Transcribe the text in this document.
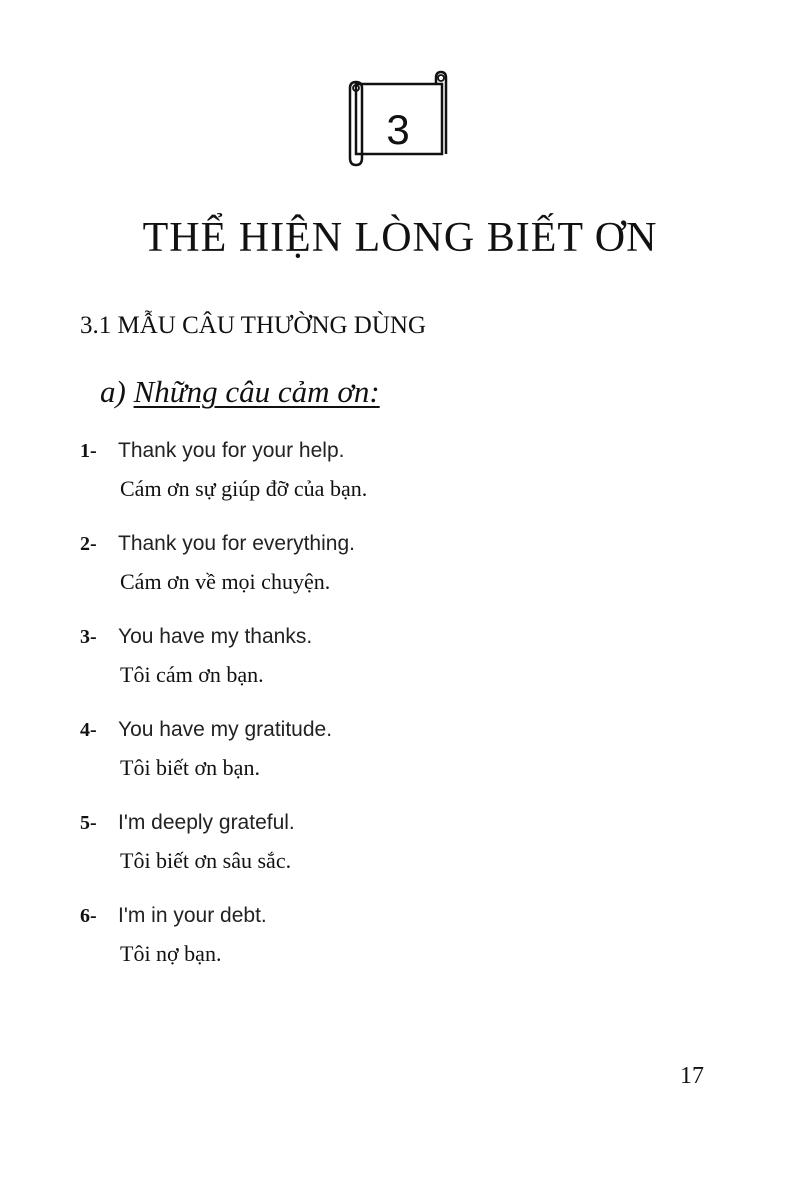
3
THỂ HIỆN LÒNG BIẾT ƠN
3.1 MẪU CÂU THƯỜNG DÙNG
a) Những câu cảm ơn:
1- Thank you for your help.
Cám ơn sự giúp đỡ của bạn.
2- Thank you for everything.
Cám ơn về mọi chuyện.
3- You have my thanks.
Tôi cám ơn bạn.
4- You have my gratitude.
Tôi biết ơn bạn.
5- I'm deeply grateful.
Tôi biết ơn sâu sắc.
6- I'm in your debt.
Tôi nợ bạn.
17
